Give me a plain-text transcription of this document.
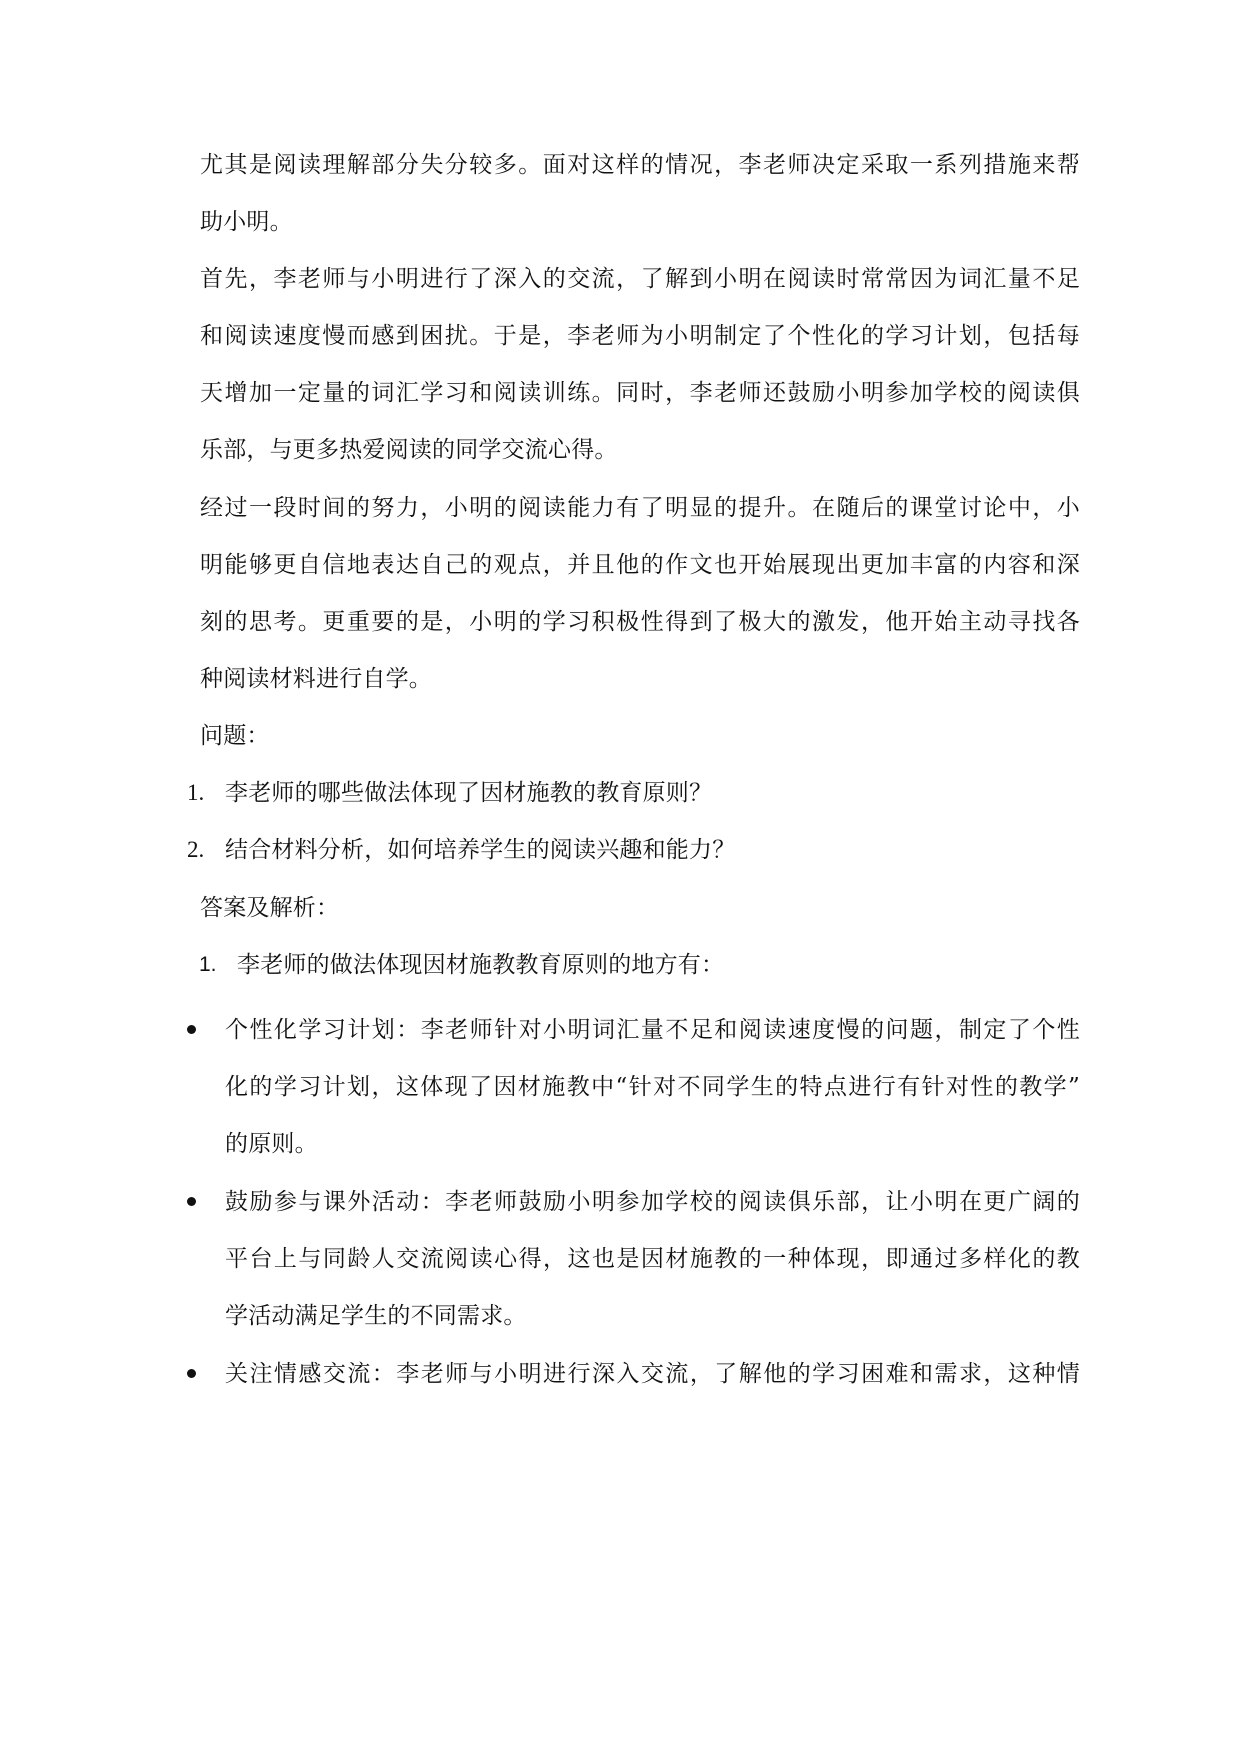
尤其是阅读理解部分失分较多。面对这样的情况，李老师决定采取一系列措施来帮
助小明。
首先，李老师与小明进行了深入的交流，了解到小明在阅读时常常因为词汇量不足
和阅读速度慢而感到困扰。于是，李老师为小明制定了个性化的学习计划，包括每
天增加一定量的词汇学习和阅读训练。同时，李老师还鼓励小明参加学校的阅读俱
乐部，与更多热爱阅读的同学交流心得。
经过一段时间的努力，小明的阅读能力有了明显的提升。在随后的课堂讨论中，小
明能够更自信地表达自己的观点，并且他的作文也开始展现出更加丰富的内容和深
刻的思考。更重要的是，小明的学习积极性得到了极大的激发，他开始主动寻找各
种阅读材料进行自学。
问题：
1. 李老师的哪些做法体现了因材施教的教育原则？
2. 结合材料分析，如何培养学生的阅读兴趣和能力？
答案及解析：
1. 李老师的做法体现因材施教教育原则的地方有：
个性化学习计划：李老师针对小明词汇量不足和阅读速度慢的问题，制定了个性
化的学习计划，这体现了因材施教中“针对不同学生的特点进行有针对性的教学”
的原则。
鼓励参与课外活动：李老师鼓励小明参加学校的阅读俱乐部，让小明在更广阔的
平台上与同龄人交流阅读心得，这也是因材施教的一种体现，即通过多样化的教
学活动满足学生的不同需求。
关注情感交流：李老师与小明进行深入交流，了解他的学习困难和需求，这种情
